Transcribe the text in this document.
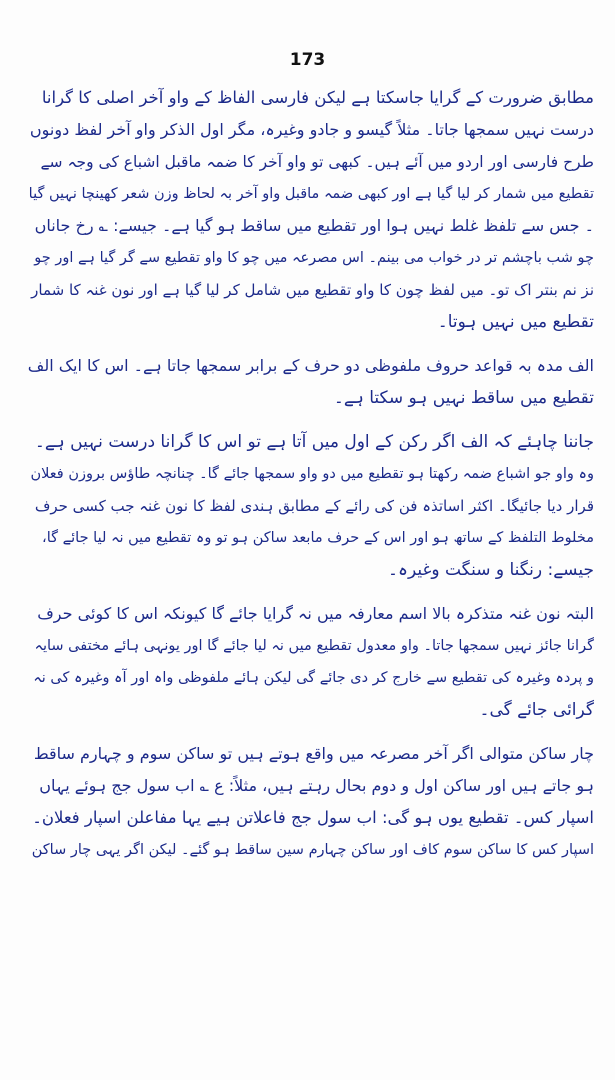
173
مطابق ضرورت کے گرایا جاسکتا ہے لیکن فارسی الفاظ کے واو آخر اصلی کا گرانا
درست نہیں سمجھا جاتا۔ مثلاً گیسو و جادو وغیرہ، مگر اول الذکر واو آخر لفظ دونوں
طرح فارسی اور اردو میں آئے ہیں۔ کبھی تو واو آخر کا ضمہ ماقبل اشباع کی وجہ سے
تقطیع میں شمار کر لیا گیا ہے اور کبھی ضمہ ماقبل واو آخر بہ لحاظ وزن شعر کھینچا نہیں گیا
۔ جس سے تلفظ غلط نہیں ہوا اور تقطیع میں ساقط ہو گیا ہے۔ جیسے: ؎ رخ جاناں
چو شب باچشم تر در خواب می بینم۔ اس مصرعہ میں چو کا واو تقطیع سے گر گیا ہے اور چو
نز نم بنتر اک تو۔ میں لفظ چون کا واو تقطیع میں شامل کر لیا گیا ہے اور نون غنہ کا شمار
تقطیع میں نہیں ہوتا۔
الف مدہ بہ قواعد حروف ملفوظی دو حرف کے برابر سمجھا جاتا ہے۔ اس کا ایک الف
تقطیع میں ساقط نہیں ہو سکتا ہے۔
جاننا چاہئے کہ الف اگر رکن کے اول میں آتا ہے تو اس کا گرانا درست نہیں ہے۔
وہ واو جو اشباع ضمہ رکھتا ہو تقطیع میں دو واو سمجھا جائے گا۔ چنانچہ طاؤس بروزن فعلان
قرار دیا جائیگا۔ اکثر اساتذہ فن کی رائے کے مطابق ہندی لفظ کا نون غنہ جب کسی حرف
مخلوط التلفظ کے ساتھ ہو اور اس کے حرف مابعد ساکن ہو تو وہ تقطیع میں نہ لیا جائے گا،
جیسے: رنگنا و سنگت وغیرہ۔
البتہ نون غنہ متذکرہ بالا اسم معارفہ میں نہ گرایا جائے گا کیونکہ اس کا کوئی حرف
گرانا جائز نہیں سمجھا جاتا۔ واو معدول تقطیع میں نہ لیا جائے گا اور یونہی ہائے مختفی سایہ
و پردہ وغیرہ کی تقطیع سے خارج کر دی جائے گی لیکن ہائے ملفوظی واہ اور آہ وغیرہ کی نہ
گرائی جائے گی۔
چار ساکن متوالی اگر آخر مصرعہ میں واقع ہوتے ہیں تو ساکن سوم و چہارم ساقط
ہو جاتے ہیں اور ساکن اول و دوم بحال رہتے ہیں، مثلاً: ع ؎ اب سول جج ہوئے یہاں
اسپار کس۔ تقطیع یوں ہو گی: اب سول جج فاعلاتن ہیے یہا مفاعلن اسپار فعلان۔
اسپار کس کا ساکن سوم کاف اور ساکن چہارم سین ساقط ہو گئے۔ لیکن اگر یہی چار ساکن
